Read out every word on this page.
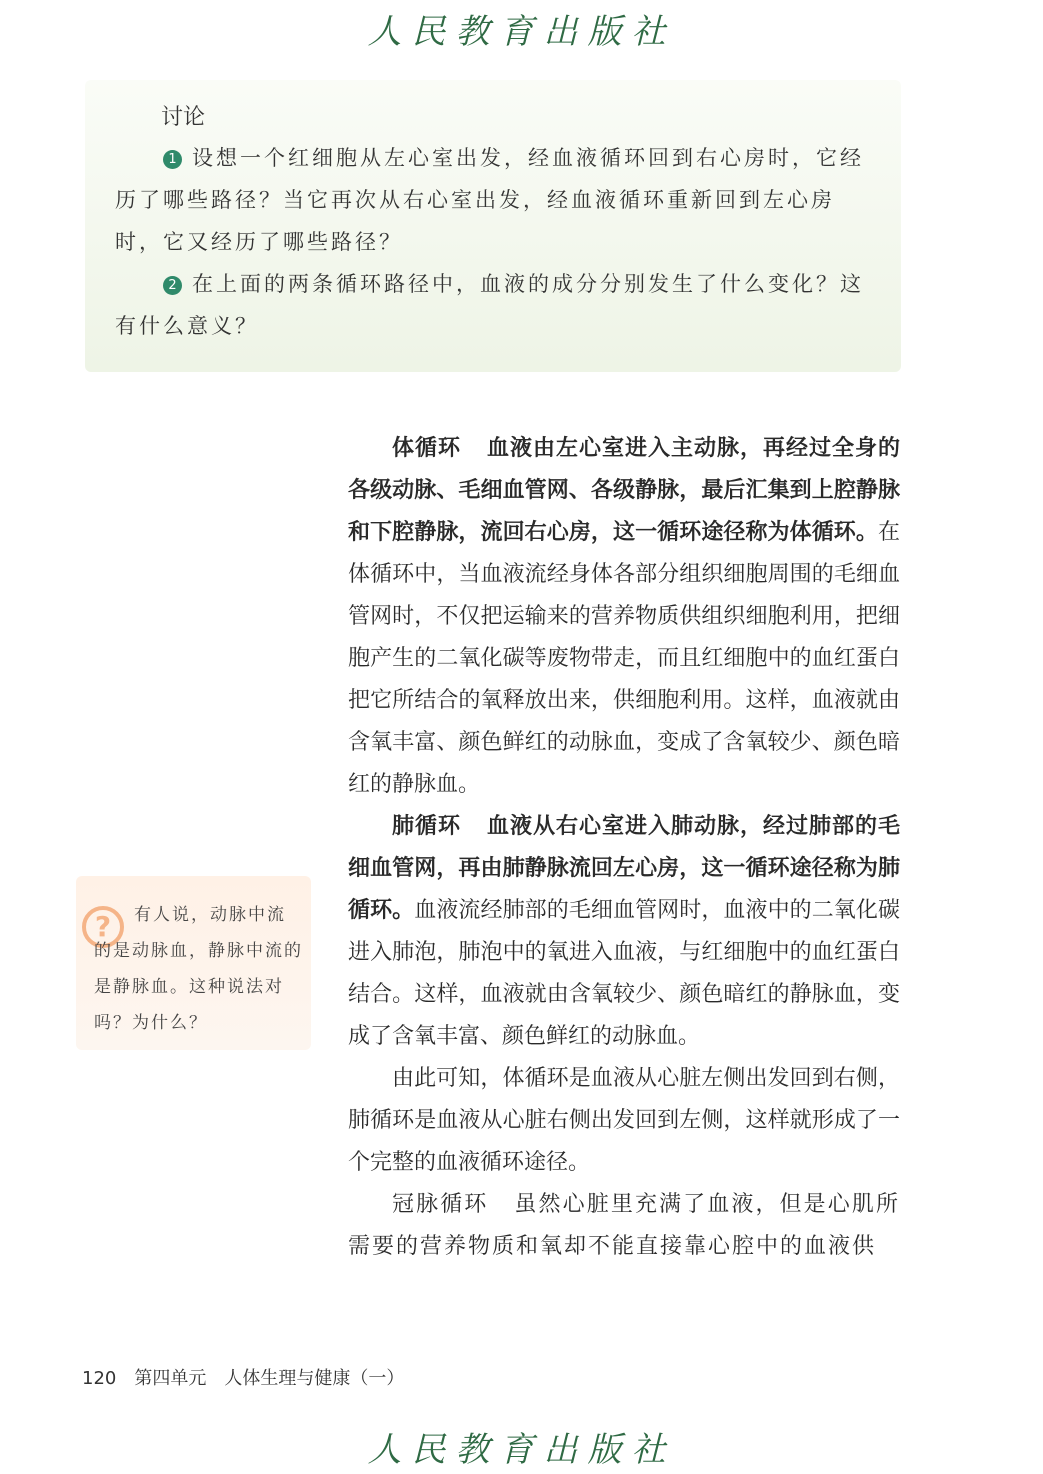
人民教育出版社
讨论
1 设想一个红细胞从左心室出发，经血液循环回到右心房时，它经历了哪些路径？当它再次从右心室出发，经血液循环重新回到左心房时，它又经历了哪些路径？
2 在上面的两条循环路径中，血液的成分分别发生了什么变化？这有什么意义？

体循环 血液由左心室进入主动脉，再经过全身的各级动脉、毛细血管网、各级静脉，最后汇集到上腔静脉和下腔静脉，流回右心房，这一循环途径称为体循环。在体循环中，当血液流经身体各部分组织细胞周围的毛细血管网时，不仅把运输来的营养物质供组织细胞利用，把细胞产生的二氧化碳等废物带走，而且红细胞中的血红蛋白把它所结合的氧释放出来，供细胞利用。这样，血液就由含氧丰富、颜色鲜红的动脉血，变成了含氧较少、颜色暗红的静脉血。

肺循环 血液从右心室进入肺动脉，经过肺部的毛细血管网，再由肺静脉流回左心房，这一循环途径称为肺循环。血液流经肺部的毛细血管网时，血液中的二氧化碳进入肺泡，肺泡中的氧进入血液，与红细胞中的血红蛋白结合。这样，血液就由含氧较少、颜色暗红的静脉血，变成了含氧丰富、颜色鲜红的动脉血。

由此可知，体循环是血液从心脏左侧出发回到右侧，肺循环是血液从心脏右侧出发回到左侧，这样就形成了一个完整的血液循环途径。

冠脉循环 虽然心脏里充满了血液，但是心肌所需要的营养物质和氧却不能直接靠心腔中的血液供

?	有人说，动脉中流的是动脉血，静脉中流的是静脉血。这种说法对吗？为什么？
120 第四单元　人体生理与健康（一）
人民教育出版社
